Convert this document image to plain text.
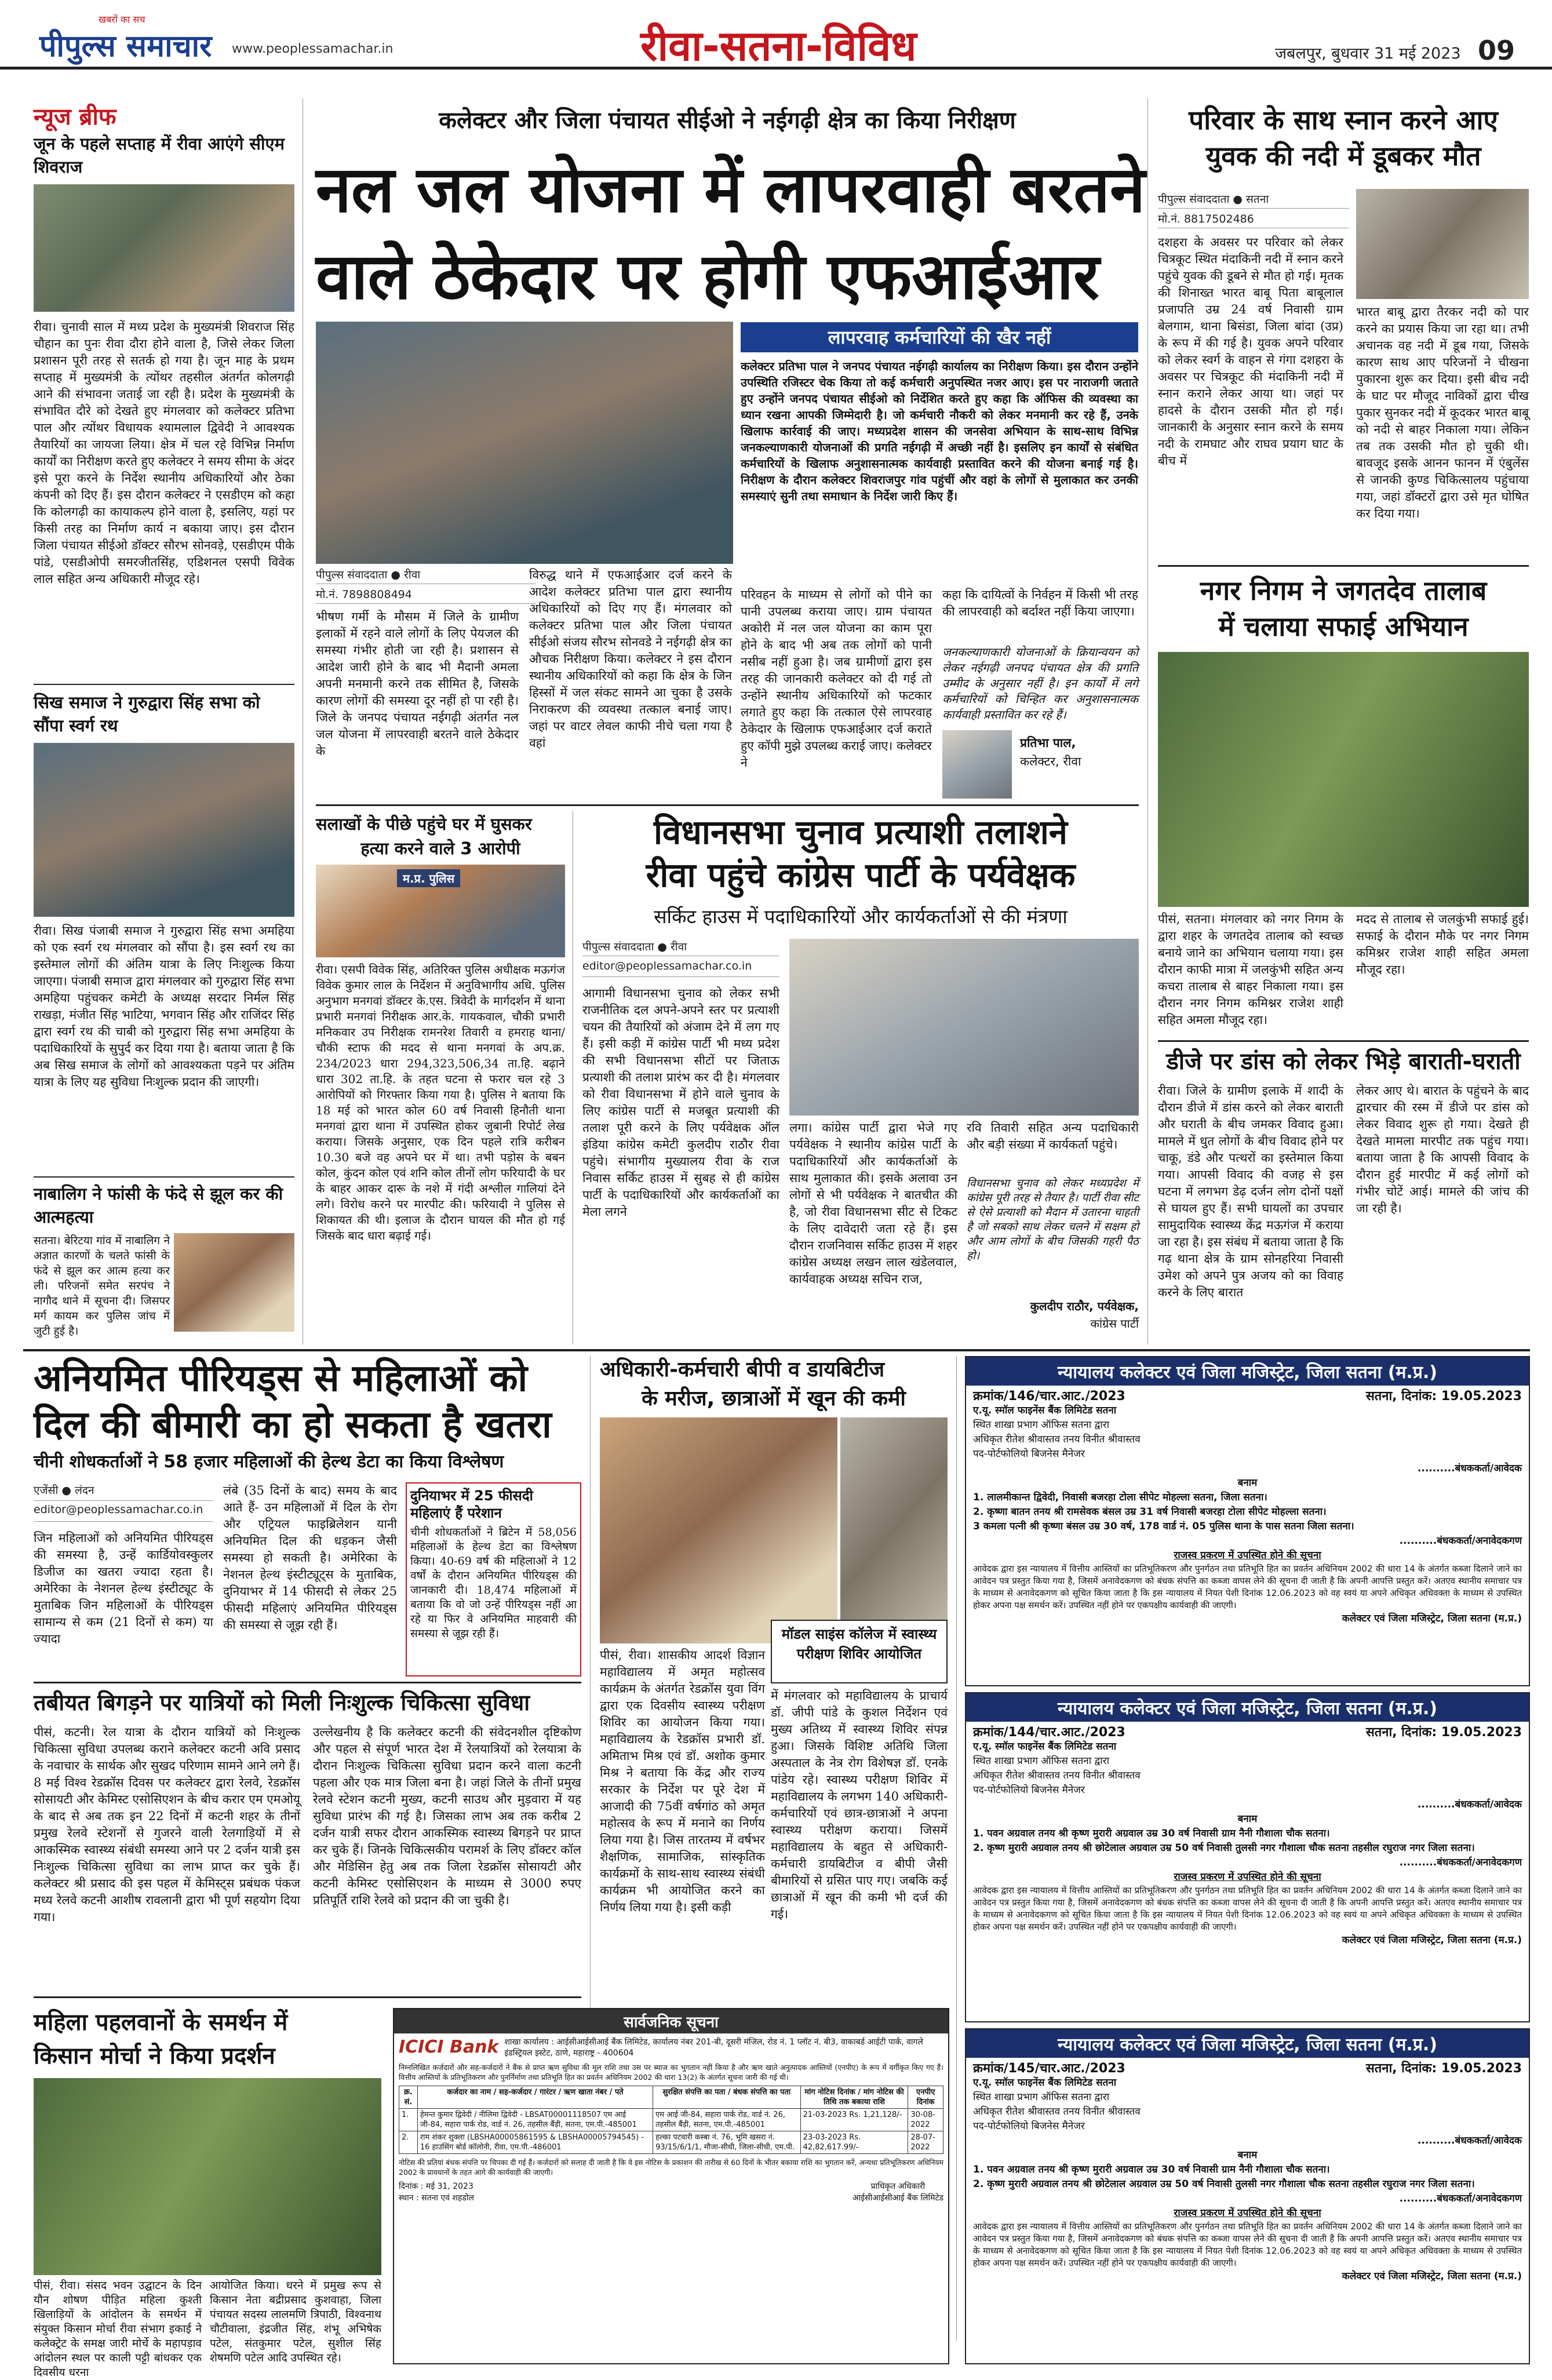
पीपुल्स समाचार
खबरों का सच
www.peoplessamachar.in	रीवा-सतना-विविध	जबलपुर, बुधवार 31 मई 2023 09
न्यूज ब्रीफ
जून के पहले सप्ताह में रीवा आएंगे सीएम शिवराज
रीवा। चुनावी साल में मध्य प्रदेश के मुख्यमंत्री शिवराज सिंह चौहान का पुनः रीवा दौरा होने वाला है, जिसे लेकर जिला प्रशासन पूरी तरह से सतर्क हो गया है। जून माह के प्रथम सप्ताह में मुख्यमंत्री के त्योंथर तहसील अंतर्गत कोलगढ़ी आने की संभावना जताई जा रही है। प्रदेश के मुख्यमंत्री के संभावित दौरे को देखते हुए मंगलवार को कलेक्टर प्रतिभा पाल और त्योंथर विधायक श्यामलाल द्विवेदी ने आवश्यक तैयारियों का जायजा लिया। क्षेत्र में चल रहे विभिन्न निर्माण कार्यों का निरीक्षण करते हुए कलेक्टर ने समय सीमा के अंदर इसे पूरा करने के निर्देश स्थानीय अधिकारियों और ठेका कंपनी को दिए हैं। इस दौरान कलेक्टर ने एसडीएम को कहा कि कोलगढ़ी का कायाकल्प होने वाला है, इसलिए, यहां पर किसी तरह का निर्माण कार्य न बकाया जाए। इस दौरान जिला पंचायत सीईओ डॉक्टर सौरभ सोनवड़े, एसडीएम पीके पांडे, एसडीओपी समरजीतसिंह, एडिशनल एसपी विवेक लाल सहित अन्य अधिकारी मौजूद रहे।
सिख समाज ने गुरुद्वारा सिंह सभा को सौंपा स्वर्ग रथ
रीवा। सिख पंजाबी समाज ने गुरुद्वारा सिंह सभा अमहिया को एक स्वर्ग रथ मंगलवार को सौंपा है। इस स्वर्ग रथ का इस्तेमाल लोगों की अंतिम यात्रा के लिए निःशुल्क किया जाएगा। पंजाबी समाज द्वारा मंगलवार को गुरुद्वारा सिंह सभा अमहिया पहुंचकर कमेटी के अध्यक्ष सरदार निर्मल सिंह राखड़ा, मंजीत सिंह भाटिया, भगवान सिंह और राजिंदर सिंह द्वारा स्वर्ग रथ की चाबी को गुरुद्वारा सिंह सभा अमहिया के पदाधिकारियों के सुपुर्द कर दिया गया है। बताया जाता है कि अब सिख समाज के लोगों को आवश्यकता पड़ने पर अंतिम यात्रा के लिए यह सुविधा निःशुल्क प्रदान की जाएगी।
नाबालिग ने फांसी के फंदे से झूल कर की आत्महत्या
सतना। बेरिटया गांव में नाबालिग ने अज्ञात कारणों के चलते फांसी के फंदे से झूल कर आत्म हत्या कर ली। परिजनों समेत सरपंच ने नागौद थाने में सूचना दी। जिसपर मर्ग कायम कर पुलिस जांच में जुटी हुई है।
कलेक्टर और जिला पंचायत सीईओ ने नईगढ़ी क्षेत्र का किया निरीक्षण
नल जल योजना में लापरवाही बरतने
वाले ठेकेदार पर होगी एफआईआर
पीपुल्स संवाददाता ● रीवा
मो.नं. 7898808494
लापरवाह कर्मचारियों की खैर नहीं
कलेक्टर प्रतिभा पाल ने जनपद पंचायत नईगढ़ी कार्यालय का निरीक्षण किया। इस दौरान उन्होंने उपस्थिति रजिस्टर चेक किया तो कई कर्मचारी अनुपस्थित नजर आए। इस पर नाराजगी जताते हुए उन्होंने जनपद पंचायत सीईओ को निर्देशित करते हुए कहा कि ऑफिस की व्यवस्था का ध्यान रखना आपकी जिम्मेदारी है। जो कर्मचारी नौकरी को लेकर मनमानी कर रहे हैं, उनके खिलाफ कार्रवाई की जाए। मध्यप्रदेश शासन की जनसेवा अभियान के साथ-साथ विभिन्न जनकल्याणकारी योजनाओं की प्रगति नईगढ़ी में अच्छी नहीं है। इसलिए इन कार्यों से संबंधित कर्मचारियों के खिलाफ अनुशासनात्मक कार्यवाही प्रस्तावित करने की योजना बनाई गई है। निरीक्षण के दौरान कलेक्टर शिवराजपुर गांव पहुंचीं और वहां के लोगों से मुलाकात कर उनकी समस्याएं सुनी तथा समाधान के निर्देश जारी किए हैं।
भीषण गर्मी के मौसम में जिले के ग्रामीण इलाकों में रहने वाले लोगों के लिए पेयजल की समस्या गंभीर होती जा रही है। प्रशासन से आदेश जारी होने के बाद भी मैदानी अमला अपनी मनमानी करने तक सीमित है, जिसके कारण लोगों की समस्या दूर नहीं हो पा रही है। जिले के जनपद पंचायत नईगढ़ी अंतर्गत नल जल योजना में लापरवाही बरतने वाले ठेकेदार के
विरुद्ध थाने में एफआईआर दर्ज करने के आदेश कलेक्टर प्रतिभा पाल द्वारा स्थानीय अधिकारियों को दिए गए हैं। मंगलवार को कलेक्टर प्रतिभा पाल और जिला पंचायत सीईओ संजय सौरभ सोनवडे ने नईगढ़ी क्षेत्र का औचक निरीक्षण किया। कलेक्टर ने इस दौरान स्थानीय अधिकारियों को कहा कि क्षेत्र के जिन हिस्सों में जल संकट सामने आ चुका है उसके निराकरण की व्यवस्था तत्काल बनाई जाए। जहां पर वाटर लेवल काफी नीचे चला गया है वहां
परिवहन के माध्यम से लोगों को पीने का पानी उपलब्ध कराया जाए। ग्राम पंचायत अकोरी में नल जल योजना का काम पूरा होने के बाद भी अब तक लोगों को पानी नसीब नहीं हुआ है। जब ग्रामीणों द्वारा इस तरह की जानकारी कलेक्टर को दी गई तो उन्होंने स्थानीय अधिकारियों को फटकार लगाते हुए कहा कि तत्काल ऐसे लापरवाह ठेकेदार के खिलाफ एफआईआर दर्ज कराते हुए कॉपी मुझे उपलब्ध कराई जाए। कलेक्टर ने
कहा कि दायित्वों के निर्वहन में किसी भी तरह की लापरवाही को बर्दाश्त नहीं किया जाएगा।
जनकल्याणकारी योजनाओं के क्रियान्वयन को लेकर नईगढ़ी जनपद पंचायत क्षेत्र की प्रगति उम्मीद के अनुसार नहीं है। इन कार्यों में लगे कर्मचारियों को चिन्हित कर अनुशासनात्मक कार्यवाही प्रस्तावित कर रहे हैं।
प्रतिभा पाल,
कलेक्टर, रीवा
परिवार के साथ स्नान करने आए
युवक की नदी में डूबकर मौत
पीपुल्स संवाददाता ● सतना
मो.नं. 8817502486
दशहरा के अवसर पर परिवार को लेकर चित्रकूट स्थित मंदाकिनी नदी में स्नान करने पहुंचे युवक की डूबने से मौत हो गई। मृतक की शिनाख्त भारत बाबू पिता बाबूलाल प्रजापति उम्र 24 वर्ष निवासी ग्राम बेलगाम, थाना बिसंडा, जिला बांदा (उप्र) के रूप में की गई है। युवक अपने परिवार को लेकर स्वर्ग के वाहन से गंगा दशहरा के अवसर पर चित्रकूट की मंदाकिनी नदी में स्नान कराने लेकर आया था। जहां पर हादसे के दौरान उसकी मौत हो गई। जानकारी के अनुसार स्नान करने के समय नदी के रामघाट और राघव प्रयाग घाट के बीच में
भारत बाबू द्वारा तैरकर नदी को पार करने का प्रयास किया जा रहा था। तभी अचानक वह नदी में डूब गया, जिसके कारण साथ आए परिजनों ने चीखना पुकारना शुरू कर दिया। इसी बीच नदी के घाट पर मौजूद नाविकों द्वारा चीख पुकार सुनकर नदी में कूदकर भारत बाबू को नदी से बाहर निकाला गया। लेकिन तब तक उसकी मौत हो चुकी थी। बावजूद इसके आनन फानन में एंबुलेंस से जानकी कुण्ड चिकित्सालय पहुंचाया गया, जहां डॉक्टरों द्वारा उसे मृत घोषित कर दिया गया।
नगर निगम ने जगतदेव तालाब
में चलाया सफाई अभियान
पीसं, सतना। मंगलवार को नगर निगम के द्वारा शहर के जगतदेव तालाब को स्वच्छ बनाये जाने का अभियान चलाया गया। इस दौरान काफी मात्रा में जलकुंभी सहित अन्य कचरा तालाब से बाहर निकाला गया। इस दौरान नगर निगम कमिश्नर राजेश शाही सहित अमला मौजूद रहा।
मदद से तालाब से जलकुंभी सफाई हुई। सफाई के दौरान मौके पर नगर निगम कमिश्नर राजेश शाही सहित अमला मौजूद रहा।
डीजे पर डांस को लेकर भिड़े बाराती-घराती
रीवा। जिले के ग्रामीण इलाके में शादी के दौरान डीजे में डांस करने को लेकर बाराती और घराती के बीच जमकर विवाद हुआ। मामले में धुत लोगों के बीच विवाद होने पर चाकू, डंडे और पत्थरों का इस्तेमाल किया गया। आपसी विवाद की वजह से इस घटना में लगभग डेढ़ दर्जन लोग दोनों पक्षों से घायल हुए हैं। सभी घायलों का उपचार सामुदायिक स्वास्थ्य केंद्र मऊगंज में कराया जा रहा है। इस संबंध में बताया जाता है कि गढ़ थाना क्षेत्र के ग्राम सोनहरिया निवासी उमेश को अपने पुत्र अजय को का विवाह करने के लिए बारात
लेकर आए थे। बारात के पहुंचने के बाद द्वारचार की रस्म में डीजे पर डांस को लेकर विवाद शुरू हो गया। देखते ही देखते मामला मारपीट तक पहुंच गया। बताया जाता है कि आपसी विवाद के दौरान हुई मारपीट में कई लोगों को गंभीर चोटें आई। मामले की जांच की जा रही है।
सलाखों के पीछे पहुंचे घर में घुसकर
हत्या करने वाले 3 आरोपी
म.प्र. पुलिस
रीवा। एसपी विवेक सिंह, अतिरिक्त पुलिस अधीक्षक मऊगंज विवेक कुमार लाल के निर्देशन में अनुविभागीय अधि. पुलिस अनुभाग मनगवां डॉक्टर के.एस. त्रिवेदी के मार्गदर्शन में थाना प्रभारी मनगवां निरीक्षक आर.के. गायकवाल, चौकी प्रभारी मनिकवार उप निरीक्षक रामनरेश तिवारी व हमराह थाना/चौकी स्टाफ की मदद से थाना मनगवां के अप.क्र. 234/2023 धारा 294,323,506,34 ता.हि. बढ़ाने धारा 302 ता.हि. के तहत घटना से फरार चल रहे 3 आरोपियों को गिरफ्तार किया गया है। पुलिस ने बताया कि 18 मई को भारत कोल 60 वर्ष निवासी हिनौती थाना मनगवां द्वारा थाना में उपस्थित होकर जुबानी रिपोर्ट लेख कराया। जिसके अनुसार, एक दिन पहले रात्रि करीबन 10.30 बजे वह अपने घर में था। तभी पड़ोस के बबन कोल, कुंदन कोल एवं शनि कोल तीनों लोग फरियादी के घर के बाहर आकर दारू के नशे में गंदी अश्लील गालियां देने लगे। विरोध करने पर मारपीट की। फरियादी ने पुलिस से शिकायत की थी। इलाज के दौरान घायल की मौत हो गई जिसके बाद धारा बढ़ाई गई।
विधानसभा चुनाव प्रत्याशी तलाशने
रीवा पहुंचे कांग्रेस पार्टी के पर्यवेक्षक
सर्किट हाउस में पदाधिकारियों और कार्यकर्ताओं से की मंत्रणा
पीपुल्स संवाददाता ● रीवा
editor@peoplessamachar.co.in
आगामी विधानसभा चुनाव को लेकर सभी राजनीतिक दल अपने-अपने स्तर पर प्रत्याशी चयन की तैयारियों को अंजाम देने में लग गए हैं। इसी कड़ी में कांग्रेस पार्टी भी मध्य प्रदेश की सभी विधानसभा सीटों पर जिताऊ प्रत्याशी की तलाश प्रारंभ कर दी है। मंगलवार को रीवा विधानसभा में होने वाले चुनाव के लिए कांग्रेस पार्टी से मजबूत प्रत्याशी की तलाश पूरी करने के लिए पर्यवेक्षक ऑल इंडिया कांग्रेस कमेटी कुलदीप राठौर रीवा पहुंचे। संभागीय मुख्यालय रीवा के राज निवास सर्किट हाउस में सुबह से ही कांग्रेस पार्टी के पदाधिकारियों और कार्यकर्ताओं का मेला लगने
लगा। कांग्रेस पार्टी द्वारा भेजे गए पर्यवेक्षक ने स्थानीय कांग्रेस पार्टी के पदाधिकारियों और कार्यकर्ताओं के साथ मुलाकात की। इसके अलावा उन लोगों से भी पर्यवेक्षक ने बातचीत की है, जो रीवा विधानसभा सीट से टिकट के लिए दावेदारी जता रहे हैं। इस दौरान राजनिवास सर्किट हाउस में शहर कांग्रेस अध्यक्ष लखन लाल खंडेलवाल, कार्यवाहक अध्यक्ष सचिन राज,
रवि तिवारी सहित अन्य पदाधिकारी और बड़ी संख्या में कार्यकर्ता पहुंचे।
विधानसभा चुनाव को लेकर मध्यप्रदेश में कांग्रेस पूरी तरह से तैयार है। पार्टी रीवा सीट से ऐसे प्रत्याशी को मैदान में उतारना चाहती है जो सबको साथ लेकर चलने में सक्षम हो और आम लोगों के बीच जिसकी गहरी पैठ हो।
कुलदीप राठौर, पर्यवेक्षक,
कांग्रेस पार्टी
अनियमित पीरियड्स से महिलाओं को
दिल की बीमारी का हो सकता है खतरा
चीनी शोधकर्ताओं ने 58 हजार महिलाओं की हेल्थ डेटा का किया विश्लेषण
एजेंसी ● लंदन
editor@peoplessamachar.co.in
जिन महिलाओं को अनियमित पीरियड्स की समस्या है, उन्हें कार्डियोवस्कुलर डिजीज का खतरा ज्यादा रहता है। अमेरिका के नेशनल हेल्थ इंस्टीट्यूट के मुताबिक जिन महिलाओं के पीरियड्स सामान्य से कम (21 दिनों से कम) या ज्यादा
लंबे (35 दिनों के बाद) समय के बाद आते हैं- उन महिलाओं में दिल के रोग और एट्रियल फाइब्रिलेशन यानी अनियमित दिल की धड़कन जैसी समस्या हो सकती है। अमेरिका के नेशनल हेल्थ इंस्टीट्यूट्स के मुताबिक, दुनियाभर में 14 फीसदी से लेकर 25 फीसदी महिलाएं अनियमित पीरियड्स की समस्या से जूझ रही हैं।
दुनियाभर में 25 फीसदी महिलाएं हैं परेशान
चीनी शोधकर्ताओं ने ब्रिटेन में 58,056 महिलाओं के हेल्थ डेटा का विश्लेषण किया। 40-69 वर्ष की महिलाओं ने 12 वर्षों के दौरान अनियमित पीरियड्स की जानकारी दी। 18,474 महिलाओं में बताया कि वो जो उन्हें पीरियड्स नहीं आ रहे या फिर वे अनियमित माहवारी की समस्या से जूझ रही हैं।
तबीयत बिगड़ने पर यात्रियों को मिली निःशुल्क चिकित्सा सुविधा
पीसं, कटनी। रेल यात्रा के दौरान यात्रियों को निःशुल्क चिकित्सा सुविधा उपलब्ध कराने कलेक्टर कटनी अवि प्रसाद के नवाचार के सार्थक और सुखद परिणाम सामने आने लगे हैं। 8 मई विश्व रेडक्रॉस दिवस पर कलेक्टर द्वारा रेलवे, रेडक्रॉस सोसायटी और केमिस्ट एसोसिएशन के बीच करार एम एमओयू के बाद से अब तक इन 22 दिनों में कटनी शहर के तीनों प्रमुख रेलवे स्टेशनों से गुजरने वाली रेलगाड़ियों में से आकस्मिक स्वास्थ्य संबंधी समस्या आने पर 2 दर्जन यात्री इस निःशुल्क चिकित्सा सुविधा का लाभ प्राप्त कर चुके हैं। कलेक्टर श्री प्रसाद की इस पहल में केमिस्ट्स प्रबंधक पंकज मध्य रेलवे कटनी आशीष रावलानी द्वारा भी पूर्ण सहयोग दिया गया।
उल्लेखनीय है कि कलेक्टर कटनी की संवेदनशील दृष्टिकोण और पहल से संपूर्ण भारत देश में रेलयात्रियों को रेलयात्रा के दौरान निःशुल्क चिकित्सा सुविधा प्रदान करने वाला कटनी पहला और एक मात्र जिला बना है। जहां जिले के तीनों प्रमुख रेलवे स्टेशन कटनी मुख्य, कटनी साउथ और मुड़वारा में यह सुविधा प्रारंभ की गई है। जिसका लाभ अब तक करीब 2 दर्जन यात्री सफर दौरान आकस्मिक स्वास्थ्य बिगड़ने पर प्राप्त कर चुके हैं। जिनके चिकित्सकीय परामर्श के लिए डॉक्टर कॉल और मेडिसिन हेतु अब तक जिला रेडक्रॉस सोसायटी और कटनी केमिस्ट एसोसिएशन के माध्यम से 3000 रुपए प्रतिपूर्ति राशि रेलवे को प्रदान की जा चुकी है।
अधिकारी-कर्मचारी बीपी व डायबिटीज
के मरीज, छात्राओं में खून की कमी
मॉडल साइंस कॉलेज में स्वास्थ्य परीक्षण शिविर आयोजित
पीसं, रीवा। शासकीय आदर्श विज्ञान महाविद्यालय में अमृत महोत्सव कार्यक्रम के अंतर्गत रेडक्रॉस युवा विंग द्वारा एक दिवसीय स्वास्थ्य परीक्षण शिविर का आयोजन किया गया। महाविद्यालय के रेडक्रॉस प्रभारी डॉ. अमिताभ मिश्र एवं डॉ. अशोक कुमार मिश्र ने बताया कि केंद्र और राज्य सरकार के निर्देश पर पूरे देश में आजादी की 75वीं वर्षगांठ को अमृत महोत्सव के रूप में मनाने का निर्णय लिया गया है। जिस तारतम्य में वर्षभर शैक्षणिक, सामाजिक, सांस्कृतिक कार्यक्रमों के साथ-साथ स्वास्थ्य संबंधी कार्यक्रम भी आयोजित करने का निर्णय लिया गया है। इसी कड़ी
में मंगलवार को महाविद्यालय के प्राचार्य डॉ. जीपी पांडे के कुशल निर्देशन एवं मुख्य अतिथ्य में स्वास्थ्य शिविर संपन्न हुआ। जिसके विशिष्ट अतिथि जिला अस्पताल के नेत्र रोग विशेषज्ञ डॉ. एनके पांडेय रहे। स्वास्थ्य परीक्षण शिविर में महाविद्यालय के लगभग 140 अधिकारी-कर्मचारियों एवं छात्र-छात्राओं ने अपना स्वास्थ्य परीक्षण कराया। जिसमें महाविद्यालय के बहुत से अधिकारी-कर्मचारी डायबिटीज व बीपी जैसी बीमारियों से ग्रसित पाए गए। जबकि कई छात्राओं में खून की कमी भी दर्ज की गई।
महिला पहलवानों के समर्थन में
किसान मोर्चा ने किया प्रदर्शन
पीसं, रीवा। संसद भवन उद्घाटन के दिन यौन शोषण पीड़ित महिला कुश्ती खिलाड़ियों के आंदोलन के समर्थन में संयुक्त किसान मोर्चा रीवा संभाग इकाई ने कलेक्ट्रेट के समक्ष जारी मोर्चे के महापड़ाव आंदोलन स्थल पर काली पट्टी बांधकर एक दिवसीय धरना
आयोजित किया। धरने में प्रमुख रूप से किसान नेता बद्रीप्रसाद कुशवाहा, जिला पंचायत सदस्य लालमणि त्रिपाठी, विश्वनाथ चौटीवाला, इंद्रजीत सिंह, शंभू अभिषेक पटेल, संतकुमार पटेल, सुशील सिंह शेषमणि पटेल आदि उपस्थित रहे।
सार्वजनिक सूचना
ICICI Bank शाखा कार्यालय : आईसीआईसीआई बैंक लिमिटेड, कार्यालय नंबर 201-बी, दूसरी मंजिल, रोड नं. 1 प्लॉट नं. बी3, वाकाबर्ड आईटी पार्क, वागले इंडस्ट्रियल इस्टेट, ठाणे, महाराष्ट्र - 400604
निम्नलिखित कर्जदारों और सह-कर्जदारों ने बैंक से प्राप्त ऋण सुविधा की मूल राशि तथा उस पर ब्याज का भुगतान नहीं किया है और ऋण खाते अनुत्पादक आस्तियों (एनपीए) के रूप में वर्गीकृत किए गए हैं। वित्तीय आस्तियों के प्रतिभूतिकरण और पुनर्निर्माण तथा प्रतिभूति हित का प्रवर्तन अधिनियम 2002 की धारा 13(2) के अंतर्गत सूचना जारी की गई थी।
क्र. सं.	कर्जदार का नाम / सह-कर्जदार / गारंटर / ऋण खाता नंबर / पते	सुरक्षित संपत्ति का पता / बंधक संपत्ति का पता	मांग नोटिस दिनांक / मांग नोटिस की तिथि तक बकाया राशि	एनपीए दिनांक
1.	हेमन्त कुमार द्विवेदी / नीलिमा द्विवेदी - LBSAT00001118507 एम आई जी-84, सहारा पार्क रोड, वार्ड नं. 26, तहसील बैंड़ी, सतना, एम.पी.-485001	एम आई जी-84, सहारा पार्क रोड, वार्ड नं. 26, तहसील बैंड़ी, सतना, एम.पी.-485001	21-03-2023 Rs. 1,21,128/-	30-08-2022
2.	राम शंकर शुक्ला (LBSHA00005861595 & LBSHA00005794545) - 16 हाउसिंग बोर्ड कॉलोनी, रीवा, एम.पी.-486001	हल्का पटवारी कस्बा नं. 76, भूमि खसरा नं. 93/15/6/1/1, मौजा-सीधी, जिला-सीधी, एम.पी.	23-03-2023 Rs. 42,82,617.99/-	28-07-2022
नोटिस की प्रतियां बंधक संपत्ति पर चिपका दी गई हैं। कर्जदारों को सलाह दी जाती है कि वे इस नोटिस के प्रकाशन की तारीख से 60 दिनों के भीतर बकाया राशि का भुगतान करें, अन्यथा प्रतिभूतिकरण अधिनियम 2002 के प्रावधानों के तहत आगे की कार्यवाही की जाएगी।
दिनांक : मई 31, 2023
स्थान : सतना एवं शहडोल
प्राधिकृत अधिकारी
आईसीआईसीआई बैंक लिमिटेड
न्यायालय कलेक्टर एवं जिला मजिस्ट्रेट, जिला सतना (म.प्र.)
क्रमांक/146/चार.आट./2023	सतना, दिनांक: 19.05.2023
ए.यू. स्मॉल फाइनेंस बैंक लिमिटेड सतना
स्थित शाखा प्रभाग ऑफिस सतना द्वारा
अधिकृत रीतेश श्रीवास्तव तनय विनीत श्रीवास्तव
पद-पोर्टफोलियो बिजनेस मैनेजर
..........बंधककर्ता/आवेदक
बनाम
1. लालमीकान्त द्विवेदी, निवासी बजरहा टोला सीपेट मोहल्ला सतना, जिला सतना।
2. कृष्णा बातन तनय श्री रामसेवक बंसल उम्र 31 वर्ष निवासी बजरहा टोला सीपेट मोहल्ला सतना।
3 कमला पत्नी श्री कृष्णा बंसल उम्र 30 वर्ष, 178 वार्ड नं. 05 पुलिस थाना के पास सतना जिला सतना।
..........बंधककर्ता/अनावेदकगण
राजस्व प्रकरण में उपस्थित होने की सूचना
आवेदक द्वारा इस न्यायालय में वित्तीय आस्तियों का प्रतिभूतिकरण और पुनर्गठन तथा प्रतिभूति हित का प्रवर्तन अधिनियम 2002 की धारा 14 के अंतर्गत कब्जा दिलाने जाने का आवेदन पत्र प्रस्तुत किया गया है, जिसमें अनावेदकगण को बंधक संपत्ति का कब्जा वापस लेने की सूचना दी जाती है कि अपनी आपत्ति प्रस्तुत करें। अतएव स्थानीय समाचार पत्र के माध्यम से अनावेदकगण को सूचित किया जाता है कि इस न्यायालय में नियत पेशी दिनांक 12.06.2023 को वह स्वयं या अपने अधिकृत अधिवक्ता के माध्यम से उपस्थित होकर अपना पक्ष समर्थन करें। उपस्थित नहीं होने पर एकपक्षीय कार्यवाही की जाएगी।
कलेक्टर एवं जिला मजिस्ट्रेट, जिला सतना (म.प्र.)
न्यायालय कलेक्टर एवं जिला मजिस्ट्रेट, जिला सतना (म.प्र.)
क्रमांक/144/चार.आट./2023	सतना, दिनांक: 19.05.2023
ए.यू. स्मॉल फाइनेंस बैंक लिमिटेड सतना
स्थित शाखा प्रभाग ऑफिस सतना द्वारा
अधिकृत रीतेश श्रीवास्तव तनय विनीत श्रीवास्तव
पद-पोर्टफोलियो बिजनेस मैनेजर
..........बंधककर्ता/आवेदक
बनाम
1. पवन अग्रवाल तनय श्री कृष्ण मुरारी अग्रवाल उम्र 30 वर्ष निवासी ग्राम नैनी गौशाला चौक सतना।
2. कृष्ण मुरारी अग्रवाल तनय श्री छोटेलाल अग्रवाल उम्र 50 वर्ष निवासी तुलसी नगर गौशाला चौक सतना तहसील रघुराज नगर जिला सतना।
..........बंधककर्ता/अनावेदकगण
राजस्व प्रकरण में उपस्थित होने की सूचना
आवेदक द्वारा इस न्यायालय में वित्तीय आस्तियों का प्रतिभूतिकरण और पुनर्गठन तथा प्रतिभूति हित का प्रवर्तन अधिनियम 2002 की धारा 14 के अंतर्गत कब्जा दिलाने जाने का आवेदन पत्र प्रस्तुत किया गया है, जिसमें अनावेदकगण को बंधक संपत्ति का कब्जा वापस लेने की सूचना दी जाती है कि अपनी आपत्ति प्रस्तुत करें। अतएव स्थानीय समाचार पत्र के माध्यम से अनावेदकगण को सूचित किया जाता है कि इस न्यायालय में नियत पेशी दिनांक 12.06.2023 को वह स्वयं या अपने अधिकृत अधिवक्ता के माध्यम से उपस्थित होकर अपना पक्ष समर्थन करें। उपस्थित नहीं होने पर एकपक्षीय कार्यवाही की जाएगी।
कलेक्टर एवं जिला मजिस्ट्रेट, जिला सतना (म.प्र.)
न्यायालय कलेक्टर एवं जिला मजिस्ट्रेट, जिला सतना (म.प्र.)
क्रमांक/145/चार.आट./2023	सतना, दिनांक: 19.05.2023
ए.यू. स्मॉल फाइनेंस बैंक लिमिटेड सतना
स्थित शाखा प्रभाग ऑफिस सतना द्वारा
अधिकृत रीतेश श्रीवास्तव तनय विनीत श्रीवास्तव
पद-पोर्टफोलियो बिजनेस मैनेजर
..........बंधककर्ता/आवेदक
बनाम
1. पवन अग्रवाल तनय श्री कृष्ण मुरारी अग्रवाल उम्र 30 वर्ष निवासी ग्राम नैनी गौशाला चौक सतना।
2. कृष्ण मुरारी अग्रवाल तनय श्री छोटेलाल अग्रवाल उम्र 50 वर्ष निवासी तुलसी नगर गौशाला चौक सतना तहसील रघुराज नगर जिला सतना।
..........बंधककर्ता/अनावेदकगण
राजस्व प्रकरण में उपस्थित होने की सूचना
आवेदक द्वारा इस न्यायालय में वित्तीय आस्तियों का प्रतिभूतिकरण और पुनर्गठन तथा प्रतिभूति हित का प्रवर्तन अधिनियम 2002 की धारा 14 के अंतर्गत कब्जा दिलाने जाने का आवेदन पत्र प्रस्तुत किया गया है, जिसमें अनावेदकगण को बंधक संपत्ति का कब्जा वापस लेने की सूचना दी जाती है कि अपनी आपत्ति प्रस्तुत करें। अतएव स्थानीय समाचार पत्र के माध्यम से अनावेदकगण को सूचित किया जाता है कि इस न्यायालय में नियत पेशी दिनांक 12.06.2023 को वह स्वयं या अपने अधिकृत अधिवक्ता के माध्यम से उपस्थित होकर अपना पक्ष समर्थन करें। उपस्थित नहीं होने पर एकपक्षीय कार्यवाही की जाएगी।
कलेक्टर एवं जिला मजिस्ट्रेट, जिला सतना (म.प्र.)
